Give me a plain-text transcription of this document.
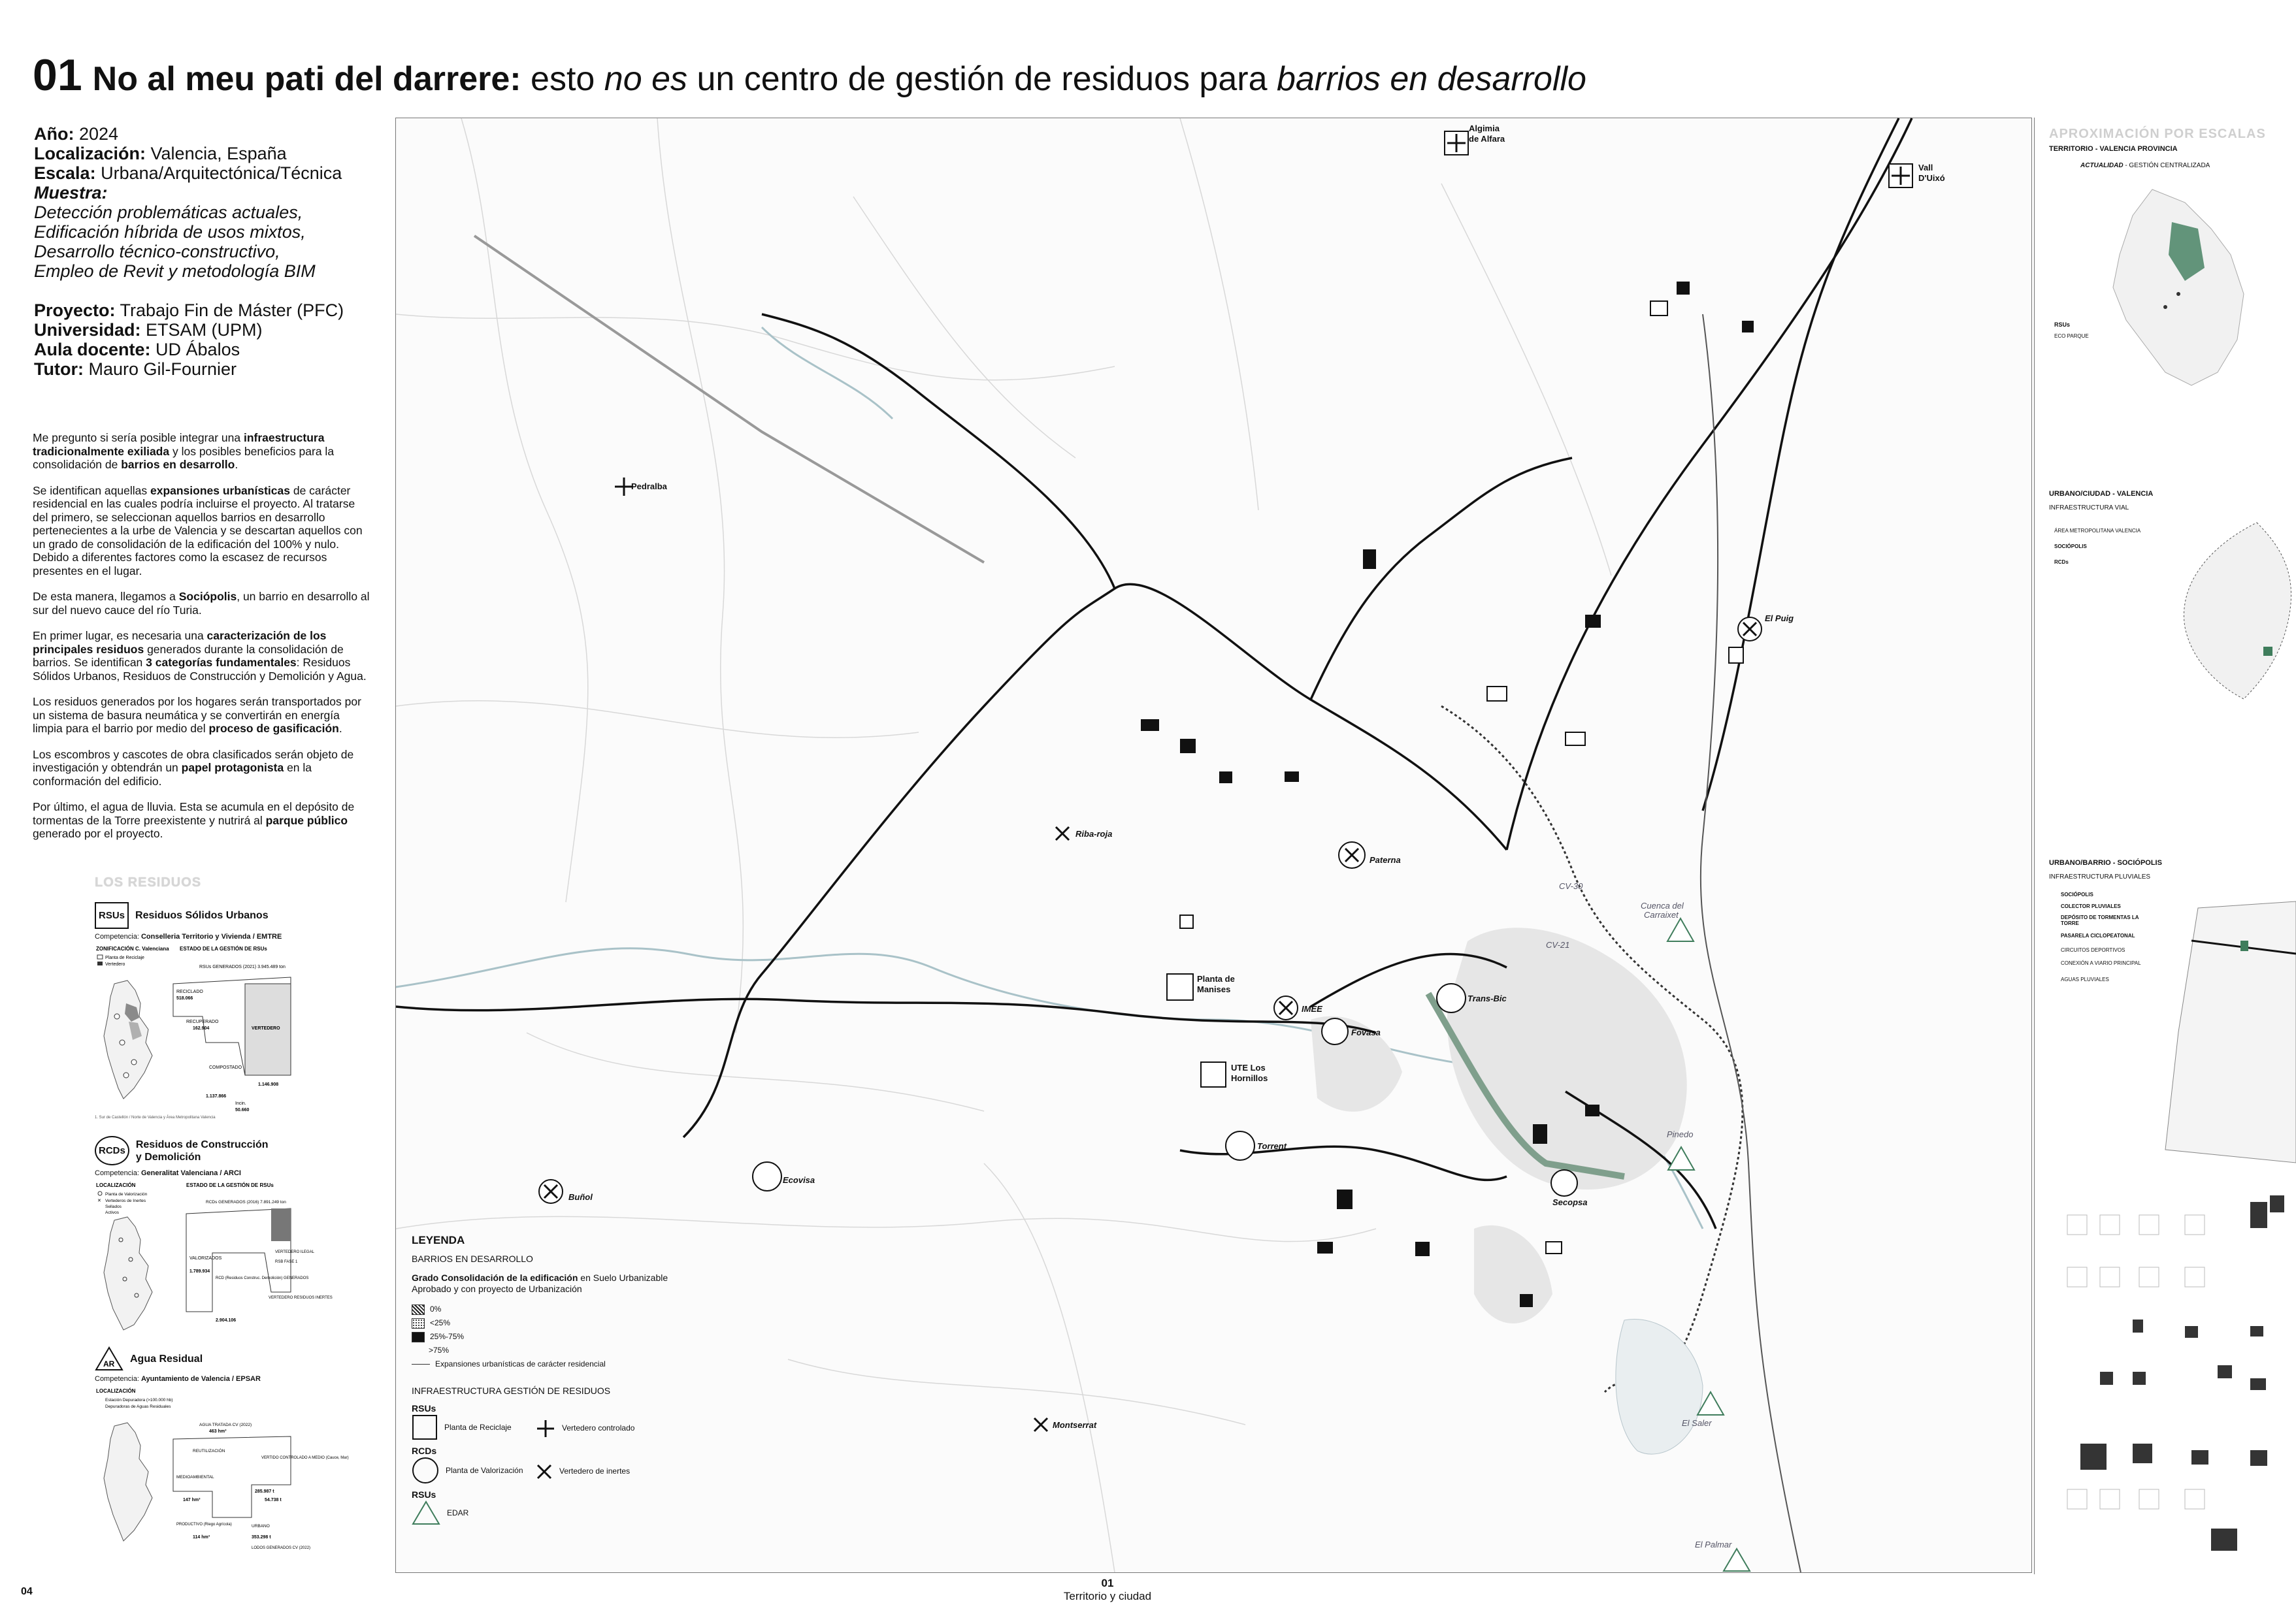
01 No al meu pati del darrere: esto no es un centro de gestión de residuos para barrios en desarrollo
Año: 2024
Localización: Valencia, España
Escala: Urbana/Arquitectónica/Técnica
Muestra:
Detección problemáticas actuales,
Edificación híbrida de usos mixtos,
Desarrollo técnico-constructivo,
Empleo de Revit y metodología BIM
Proyecto: Trabajo Fin de Máster (PFC)
Universidad: ETSAM (UPM)
Aula docente: UD Ábalos
Tutor: Mauro Gil-Fournier

Me pregunto si sería posible integrar una infraestructura tradicionalmente exiliada y los posibles beneficios para la consolidación de barrios en desarrollo.

Se identifican aquellas expansiones urbanísticas de carácter residencial en las cuales podría incluirse el proyecto. Al tratarse del primero, se seleccionan aquellos barrios en desarrollo pertenecientes a la urbe de Valencia y se descartan aquellos con un grado de consolidación de la edificación del 100% y nulo. Debido a diferentes factores como la escasez de recursos presentes en el lugar.

De esta manera, llegamos a Sociópolis, un barrio en desarrollo al sur del nuevo cauce del río Turia.

En primer lugar, es necesaria una caracterización de los principales residuos generados durante la consolidación de barrios. Se identifican 3 categorías fundamentales: Residuos Sólidos Urbanos, Residuos de Construcción y Demolición y Agua.

Los residuos generados por los hogares serán transportados por un sistema de basura neumática y se convertirán en energía limpia para el barrio por medio del proceso de gasificación.

Los escombros y cascotes de obra clasificados serán objeto de investigación y obtendrán un papel protagonista en la conformación del edificio.

Por último, el agua de lluvia. Esta se acumula en el depósito de tormentas de la Torre preexistente y nutrirá al parque público generado por el proyecto.

LOS RESIDUOS
RSUs	Residuos Sólidos Urbanos
Competencia: Conselleria Territorio y Vivienda / EMTRE
ZONIFICACIÓN C. Valenciana ESTADO DE LA GESTIÓN DE RSUs
Planta de Reciclaje
Vertedero
RSUs GENERADOS (2021) 3.945.489 ton
RECICLADO
518.066
RECUPERADO
162.904
COMPOSTADO
1.137.866
VERTEDERO
1.146.908
Incin.
50.660
1. Sur de Castellón / Norte de Valencia y Área Metropolitana Valencia
RCDs
Residuos de Construcción
y Demolición
Competencia: Generalitat Valenciana / ARCI
LOCALIZACIÓN	ESTADO DE LA GESTIÓN DE RSUs
Planta de Valorización
✕ Vertederos de Inertes
Sellados
Activos
RCDs GENERADOS (2016) 7.891.249 ton
VALORIZADOS
1.789.934
RCD (Residuos Construc. Demolición) GENERADOS
2.904.106
VERTEDERO ILEGAL
RSB FASE 1
VERTEDERO RESIDUOS INERTES
AR Agua Residual
Competencia: Ayuntamiento de Valencia / EPSAR
LOCALIZACIÓN
Estación Depuradora (>100.000 hb)
Depuradoras de Aguas Residuales
AGUA TRATADA CV (2022)
463 hm³
REUTILIZACIÓN
MEDIOAMBIENTAL
147 hm³
VERTIDO CONTROLADO A MEDIO (Cauce, Mar)
285.987 t
PRODUCTIVO (Riego Agrícola)
114 hm³
URBANO
353.298 t
LODOS GENERADOS CV (2022)
54.738 t
Algimia
de Alfara
Vall
D'Uixó
Pedralba
El Puig
Riba-roja
Paterna
Planta de
Manises
IMEE
Fovasa
Trans-Bic
UTE Los
Hornillos
Torrent
Buñol
Ecovisa
Secopsa
Pinedo
Cuenca del
Carraixet
Montserrat	El Saler
El Palmar
CV-30
CV-21
LEYENDA
BARRIOS EN DESARROLLO
Grado Consolidación de la edificación en Suelo Urbanizable Aprobado y con proyecto de Urbanización
0%
<25%
25%-75%
>75%
Expansiones urbanísticas de carácter residencial
INFRAESTRUCTURA GESTIÓN DE RESIDUOS
RSUs
Planta de Reciclaje	Vertedero controlado
RCDs
Planta de Valorización	Vertedero de inertes
RSUs
EDAR
APROXIMACIÓN POR ESCALAS
TERRITORIO - VALENCIA PROVINCIA
ACTUALIDAD - GESTIÓN CENTRALIZADA
RSUs
ECO PARQUE
URBANO/CIUDAD - VALENCIA
INFRAESTRUCTURA VIAL
ÁREA METROPOLITANA VALENCIA
SOCIÓPOLIS
RCDs
URBANO/BARRIO - SOCIÓPOLIS
INFRAESTRUCTURA PLUVIALES
SOCIÓPOLIS
COLECTOR PLUVIALES
DEPÓSITO DE TORMENTAS LA TORRE
PASARELA CICLOPEATONAL
CIRCUITOS DEPORTIVOS
CONEXIÓN A VIARIO PRINCIPAL
AGUAS PLUVIALES
04
01
Territorio y ciudad
